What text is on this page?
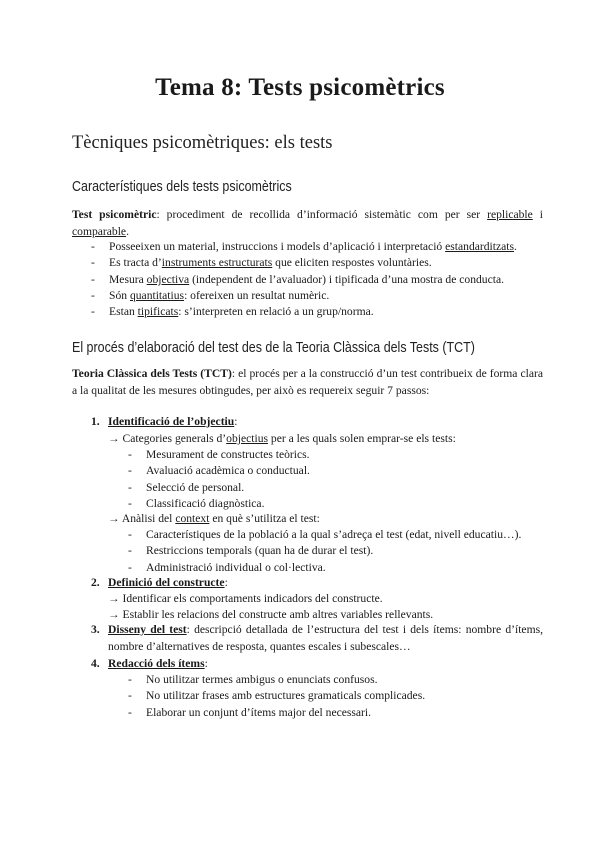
Tema 8: Tests psicomètrics
Tècniques psicomètriques: els tests
Característiques dels tests psicomètrics

Test psicomètric: procediment de recollida d’informació sistemàtic com per ser replicable i comparable.

- Posseeixen un material, instruccions i models d’aplicació i interpretació estandarditzats.
- Es tracta d’instruments estructurats que eliciten respostes voluntàries.
- Mesura objectiva (independent de l’avaluador) i tipificada d’una mostra de conducta.
- Són quantitatius: ofereixen un resultat numèric.
- Estan tipificats: s’interpreten en relació a un grup/norma.
El procés d’elaboració del test des de la Teoria Clàssica dels Tests (TCT)

Teoria Clàssica dels Tests (TCT): el procés per a la construcció d’un test contribueix de forma clara a la qualitat de les mesures obtingudes, per això es requereix seguir 7 passos:

1. Identificació de l’objectiu:

→ Categories generals d’objectius per a les quals solen emprar-se els tests:

- Mesurament de constructes teòrics.
- Avaluació acadèmica o conductual.
- Selecció de personal.
- Classificació diagnòstica.

→ Anàlisi del context en què s’utilitza el test:

- Característiques de la població a la qual s’adreça el test (edat, nivell educatiu…).
- Restriccions temporals (quan ha de durar el test).
- Administració individual o col·lectiva.

2. Definició del constructe:

→ Identificar els comportaments indicadors del constructe.

→ Establir les relacions del constructe amb altres variables rellevants.

3. Disseny del test: descripció detallada de l’estructura del test i dels ítems: nombre d’ítems, nombre d’alternatives de resposta, quantes escales i subescales…

4. Redacció dels ítems:

- No utilitzar termes ambigus o enunciats confusos.
- No utilitzar frases amb estructures gramaticals complicades.
- Elaborar un conjunt d’ítems major del necessari.
